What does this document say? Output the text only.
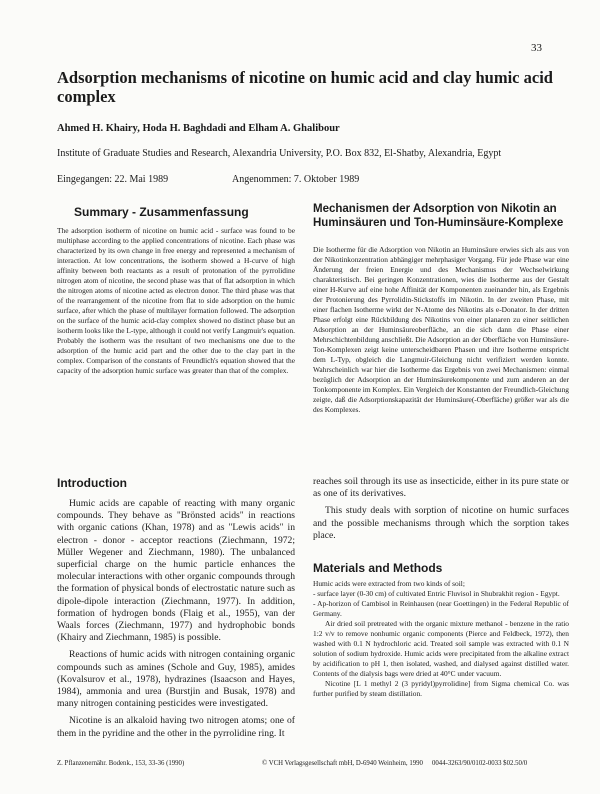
33
Adsorption mechanisms of nicotine on humic acid and clay humic acid complex
Ahmed H. Khairy, Hoda H. Baghdadi and Elham A. Ghalibour
Institute of Graduate Studies and Research, Alexandria University, P.O. Box 832, El-Shatby, Alexandria, Egypt
Eingegangen: 22. Mai 1989	Angenommen: 7. Oktober 1989
Summary - Zusammenfassung	Mechanismen der Adsorption von Nikotin an Huminsäuren und Ton-Huminsäure-Komplexe
The adsorption isotherm of nicotine on humic acid - surface was found to be multiphase according to the applied concentrations of nicotine. Each phase was characterized by its own change in free energy and represented a mechanism of interaction. At low concentrations, the isotherm showed a H-curve of high affinity between both reactants as a result of protonation of the pyrrolidine nitrogen atom of nicotine, the second phase was that of flat adsorption in which the nitrogen atoms of nicotine acted as electron donor. The third phase was that of the rearrangement of the nicotine from flat to side adsorption on the humic surface, after which the phase of multilayer formation followed. The adsorption on the surface of the humic acid-clay complex showed no distinct phase but an isotherm looks like the L-type, although it could not verify Langmuir's equation. Probably the isotherm was the resultant of two mechanisms one due to the adsorption of the humic acid part and the other due to the clay part in the complex. Comparison of the constants of Freundlich's equation showed that the capacity of the adsorption humic surface was greater than that of the complex.
Die Isotherme für die Adsorption von Nikotin an Huminsäure erwies sich als aus von der Nikotinkonzentration abhängiger mehrphasiger Vorgang. Für jede Phase war eine Änderung der freien Energie und des Mechanismus der Wechselwirkung charakteristisch. Bei geringen Konzentrationen, wies die Isotherme aus der Gestalt einer H-Kurve auf eine hohe Affinität der Komponenten zueinander hin, als Ergebnis der Protonierung des Pyrrolidin-Stickstoffs im Nikotin. In der zweiten Phase, mit einer flachen Isotherme wirkt der N-Atome des Nikotins als e-Donator. In der dritten Phase erfolgt eine Rückbildung des Nikotins von einer planaren zu einer seitlichen Adsorption an der Huminsäureoberfläche, an die sich dann die Phase einer Mehrschichtenbildung anschließt. Die Adsorption an der Oberfläche von Huminsäure-Ton-Komplexen zeigt keine unterscheidbaren Phasen und ihre Isotherme entspricht dem L-Typ, obgleich die Langmuir-Gleichung nicht verifiziert werden konnte. Wahrscheinlich war hier die Isotherme das Ergebnis von zwei Mechanismen: einmal bezüglich der Adsorption an der Huminsäurekomponente und zum anderen an der Tonkomponente im Komplex. Ein Vergleich der Konstanten der Freundlich-Gleichung zeigte, daß die Adsorptionskapazität der Huminsäure(-Oberfläche) größer war als die des Komplexes.
Introduction

Humic acids are capable of reacting with many organic compounds. They behave as "Brönsted acids" in reactions with organic cations (Khan, 1978) and as "Lewis acids" in electron - donor - acceptor reactions (Ziechmann, 1972; Müller Wegener and Ziechmann, 1980). The unbalanced superficial charge on the humic particle enhances the molecular interactions with other organic compounds through the formation of physical bonds of electrostatic nature such as dipole-dipole interaction (Ziechmann, 1977). In addition, formation of hydrogen bonds (Flaig et al., 1955), van der Waals forces (Ziechmann, 1977) and hydrophobic bonds (Khairy and Ziechmann, 1985) is possible.

Reactions of humic acids with nitrogen containing organic compounds such as amines (Schole and Guy, 1985), amides (Kovalsurov et al., 1978), hydrazines (Isaacson and Hayes, 1984), ammonia and urea (Burstjin and Busak, 1978) and many nitrogen containing pesticides were investigated.

Nicotine is an alkaloid having two nitrogen atoms; one of them in the pyridine and the other in the pyrrolidine ring. It

reaches soil through its use as insecticide, either in its pure state or as one of its derivatives.

This study deals with sorption of nicotine on humic surfaces and the possible mechanisms through which the sorption takes place.

Materials and Methods

Humic acids were extracted from two kinds of soil;

- surface layer (0-30 cm) of cultivated Entric Fluvisol in Shubrakhit region - Egypt.

- Ap-horizon of Cambisol in Reinhausen (near Goettingen) in the Federal Republic of Germany.

Air dried soil pretreated with the organic mixture methanol - benzene in the ratio 1:2 v/v to remove nonhumic organic components (Pierce and Feldbeck, 1972), then washed with 0.1 N hydrochloric acid. Treated soil sample was extracted with 0.1 N solution of sodium hydroxide. Humic acids were precipitated from the alkaline extract by acidification to pH 1, then isolated, washed, and dialysed against distilled water. Contents of the dialysis bags were dried at 40°C under vacuum.

Nicotine [L 1 methyl 2 (3 pyridyl)pyrrolidine] from Sigma chemical Co. was further purified by steam distillation.

Z. Pflanzenernähr. Bodenk., 153, 33-36 (1990)	© VCH Verlagsgesellschaft mbH, D-6940 Weinheim, 1990 0044-3263/90/0102-0033 $02.50/0
